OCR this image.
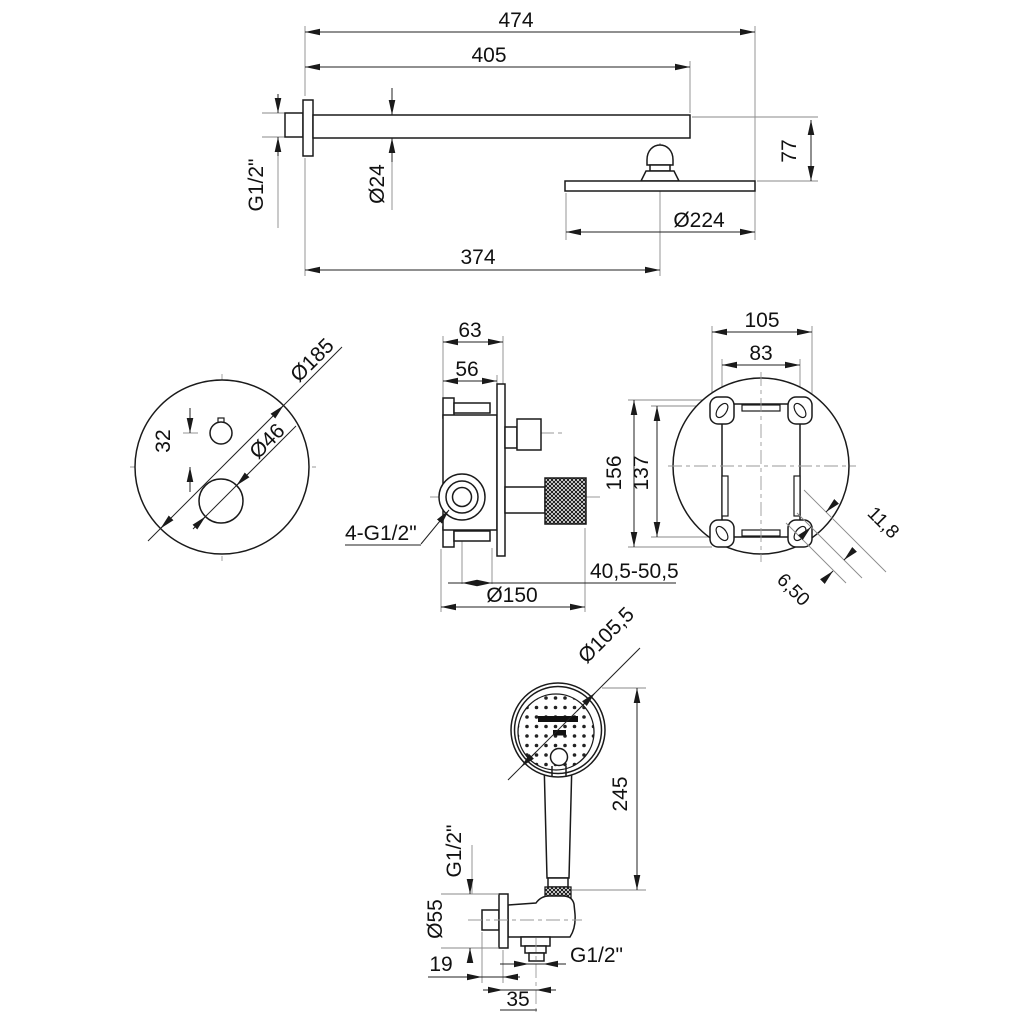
474
405
374
Ø224
77
G1/2"	Ø24
Ø185
Ø46
32
63
56
4-G1/2"
40,5-50,5
Ø150
105
83
156 137
11,8
6,50
Ø105,5
245
G1/2"
Ø55
19
35
G1/2"
